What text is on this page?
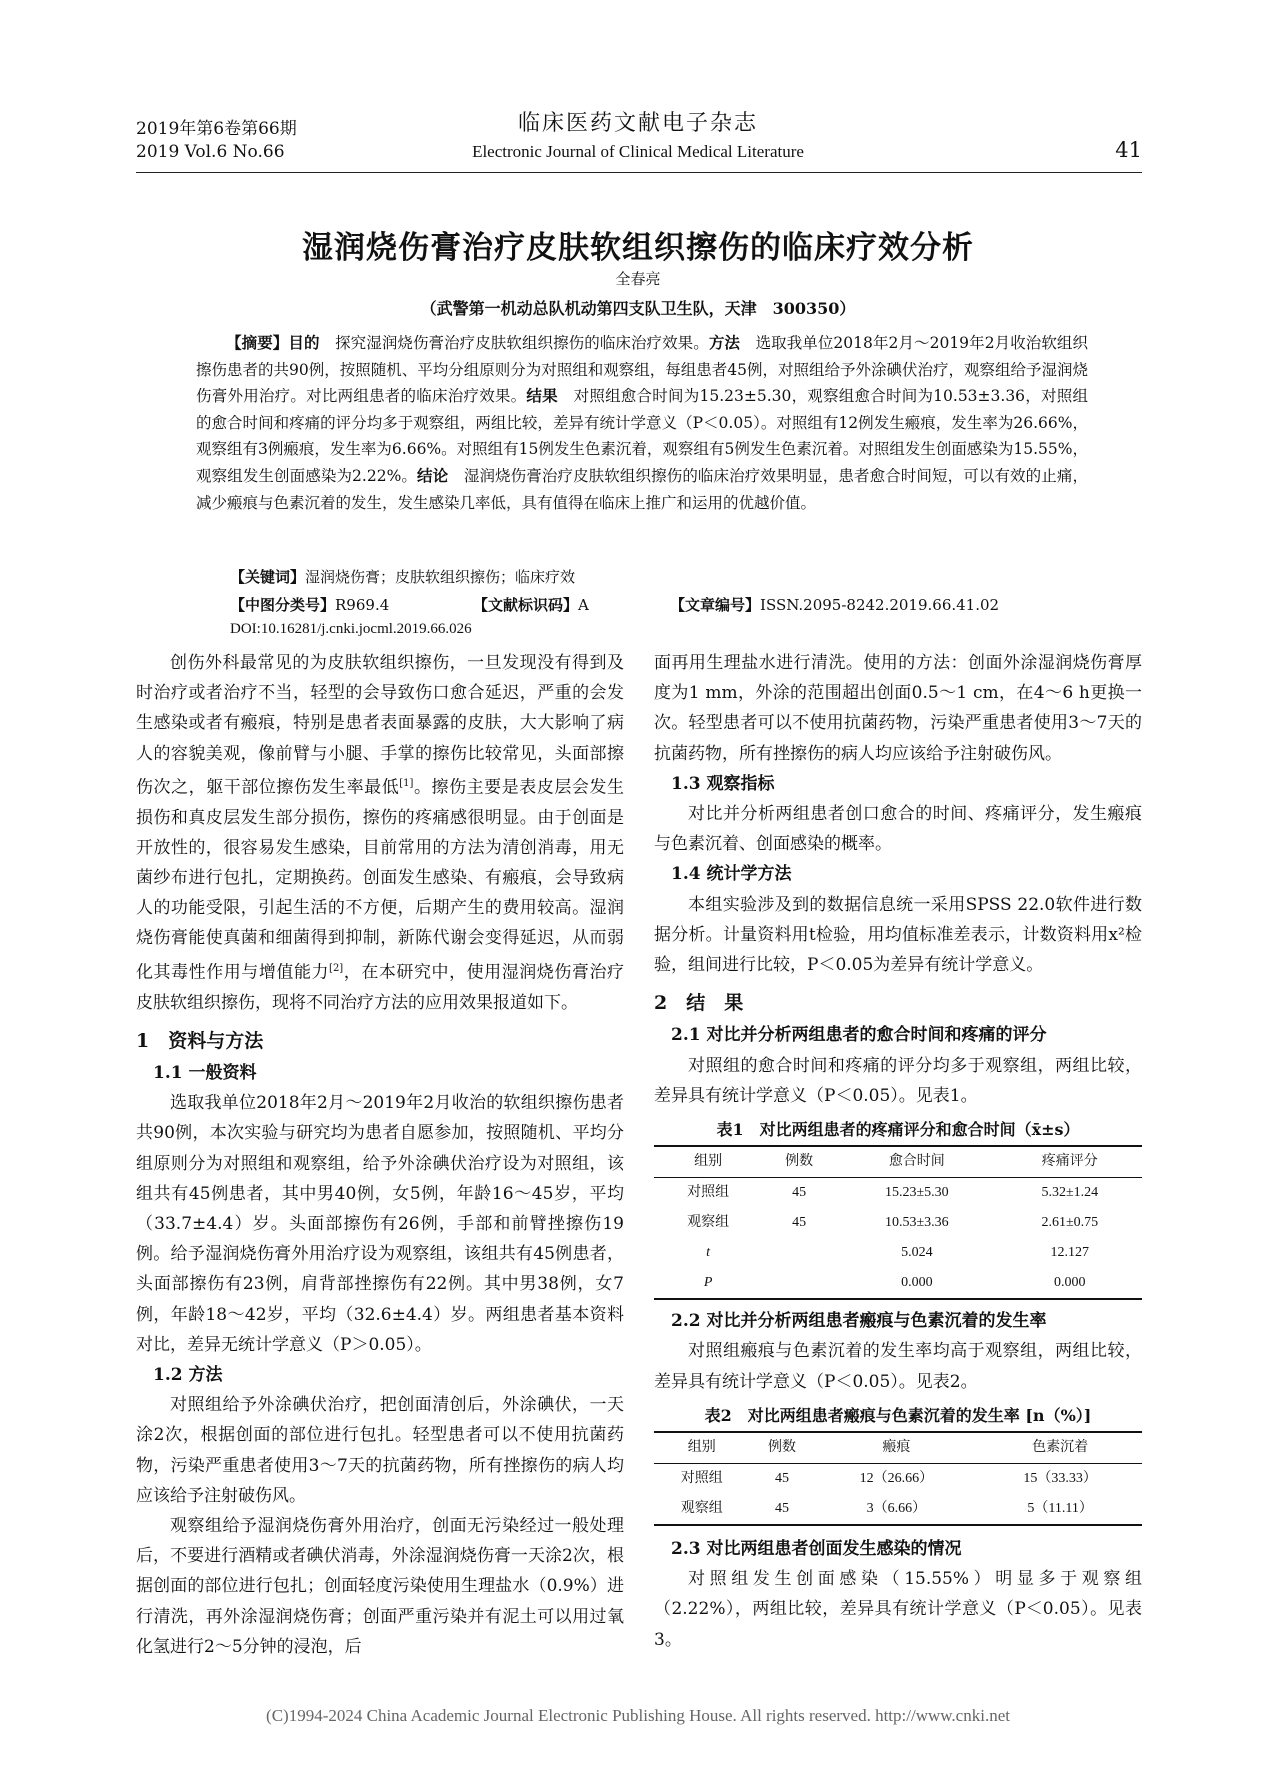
2019年第6卷第66期
2019 Vol.6 No.66
临床医药文献电子杂志
Electronic Journal of Clinical Medical Literature	41
湿润烧伤膏治疗皮肤软组织擦伤的临床疗效分析
全春亮
（武警第一机动总队机动第四支队卫生队，天津　300350）
【摘要】目的　探究湿润烧伤膏治疗皮肤软组织擦伤的临床治疗效果。方法　选取我单位2018年2月～2019年2月收治软组织擦伤患者的共90例，按照随机、平均分组原则分为对照组和观察组，每组患者45例，对照组给予外涂碘伏治疗，观察组给予湿润烧伤膏外用治疗。对比两组患者的临床治疗效果。结果　对照组愈合时间为15.23±5.30，观察组愈合时间为10.53±3.36，对照组的愈合时间和疼痛的评分均多于观察组，两组比较，差异有统计学意义（P＜0.05）。对照组有12例发生瘢痕，发生率为26.66%，观察组有3例瘢痕，发生率为6.66%。对照组有15例发生色素沉着，观察组有5例发生色素沉着。对照组发生创面感染为15.55%，观察组发生创面感染为2.22%。结论　湿润烧伤膏治疗皮肤软组织擦伤的临床治疗效果明显，患者愈合时间短，可以有效的止痛，减少瘢痕与色素沉着的发生，发生感染几率低，具有值得在临床上推广和运用的优越价值。
【关键词】湿润烧伤膏；皮肤软组织擦伤；临床疗效
【中图分类号】R969.4	【文献标识码】A	【文章编号】ISSN.2095-8242.2019.66.41.02
DOI:10.16281/j.cnki.jocml.2019.66.026

创伤外科最常见的为皮肤软组织擦伤，一旦发现没有得到及时治疗或者治疗不当，轻型的会导致伤口愈合延迟，严重的会发生感染或者有瘢痕，特别是患者表面暴露的皮肤，大大影响了病人的容貌美观，像前臂与小腿、手掌的擦伤比较常见，头面部擦伤次之，躯干部位擦伤发生率最低[1]。擦伤主要是表皮层会发生损伤和真皮层发生部分损伤，擦伤的疼痛感很明显。由于创面是开放性的，很容易发生感染，目前常用的方法为清创消毒，用无菌纱布进行包扎，定期换药。创面发生感染、有瘢痕，会导致病人的功能受限，引起生活的不方便，后期产生的费用较高。湿润烧伤膏能使真菌和细菌得到抑制，新陈代谢会变得延迟，从而弱化其毒性作用与增值能力[2]，在本研究中，使用湿润烧伤膏治疗皮肤软组织擦伤，现将不同治疗方法的应用效果报道如下。

1　资料与方法

1.1 一般资料

选取我单位2018年2月～2019年2月收治的软组织擦伤患者共90例，本次实验与研究均为患者自愿参加，按照随机、平均分组原则分为对照组和观察组，给予外涂碘伏治疗设为对照组，该组共有45例患者，其中男40例，女5例，年龄16～45岁，平均（33.7±4.4）岁。头面部擦伤有26例，手部和前臂挫擦伤19例。给予湿润烧伤膏外用治疗设为观察组，该组共有45例患者，头面部擦伤有23例，肩背部挫擦伤有22例。其中男38例，女7例，年龄18～42岁，平均（32.6±4.4）岁。两组患者基本资料对比，差异无统计学意义（P＞0.05）。

1.2 方法

对照组给予外涂碘伏治疗，把创面清创后，外涂碘伏，一天涂2次，根据创面的部位进行包扎。轻型患者可以不使用抗菌药物，污染严重患者使用3～7天的抗菌药物，所有挫擦伤的病人均应该给予注射破伤风。

观察组给予湿润烧伤膏外用治疗，创面无污染经过一般处理后，不要进行酒精或者碘伏消毒，外涂湿润烧伤膏一天涂2次，根据创面的部位进行包扎；创面轻度污染使用生理盐水（0.9%）进行清洗，再外涂湿润烧伤膏；创面严重污染并有泥土可以用过氧化氢进行2～5分钟的浸泡，后

面再用生理盐水进行清洗。使用的方法：创面外涂湿润烧伤膏厚度为1 mm，外涂的范围超出创面0.5～1 cm，在4～6 h更换一次。轻型患者可以不使用抗菌药物，污染严重患者使用3～7天的抗菌药物，所有挫擦伤的病人均应该给予注射破伤风。

1.3 观察指标

对比并分析两组患者创口愈合的时间、疼痛评分，发生瘢痕与色素沉着、创面感染的概率。

1.4 统计学方法

本组实验涉及到的数据信息统一采用SPSS 22.0软件进行数据分析。计量资料用t检验，用均值标准差表示，计数资料用x²检验，组间进行比较，P＜0.05为差异有统计学意义。

2　结　果

2.1 对比并分析两组患者的愈合时间和疼痛的评分

对照组的愈合时间和疼痛的评分均多于观察组，两组比较，差异具有统计学意义（P＜0.05）。见表1。

表1　对比两组患者的疼痛评分和愈合时间（x̄±s）
组别	例数	愈合时间	疼痛评分
对照组	45	15.23±5.30	5.32±1.24
观察组	45	10.53±3.36	2.61±0.75
t		5.024	12.127
P		0.000	0.000

2.2 对比并分析两组患者瘢痕与色素沉着的发生率

对照组瘢痕与色素沉着的发生率均高于观察组，两组比较，差异具有统计学意义（P＜0.05）。见表2。

表2　对比两组患者瘢痕与色素沉着的发生率 [n（%）]
组别	例数	瘢痕	色素沉着
对照组	45	12（26.66）	15（33.33）
观察组	45	3（6.66）	5（11.11）

2.3 对比两组患者创面发生感染的情况

对照组发生创面感染（15.55%）明显多于观察组（2.22%），两组比较，差异具有统计学意义（P＜0.05）。见表3。

(C)1994-2024 China Academic Journal Electronic Publishing House. All rights reserved. http://www.cnki.net
